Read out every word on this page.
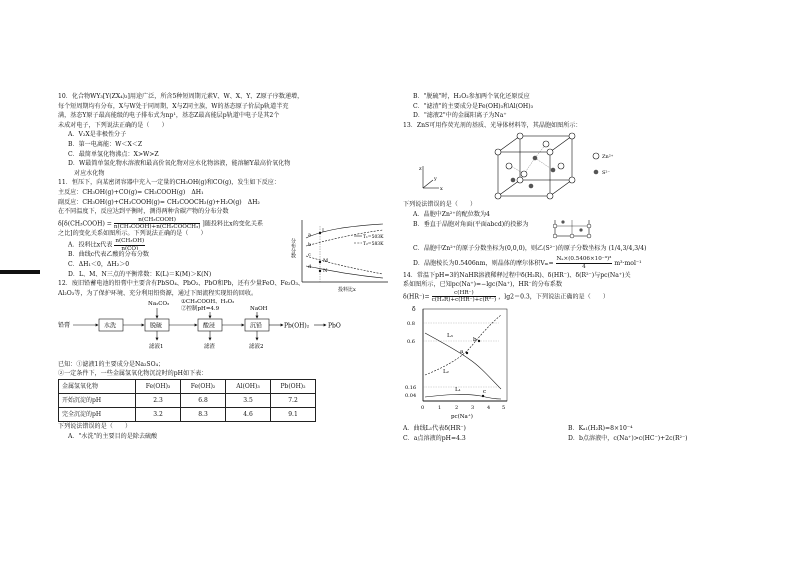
10．化合物WY₃[Y(ZX₄)₃]用途广泛，所含5种短周期元素V、W、X、Y、Z原子序数递增，
每个短周期均有分布，X与W处于同周期，X与Z同主族，W的基态原子价层p轨道半充
满，基态Y原子最高能级的电子排布式为np¹，基态Z最高能层p轨道中电子是其2个
未成对电子，下列说法正确的是（　　）
A．V₂X是非极性分子
B．第一电离能：W＜X＜Z
C．最简单氢化物沸点：X>W>Z
D．W最简单氢化物水溶液和最高价氧化物对应水化物溶液，能溶解Y最高价氧化物
对应水化物
11．恒压下，向某密闭容器中充入一定量的CH₃OH(g)和CO(g)，发生如下反应：
主反应：CH₃OH(g)+CO(g)= CH₃COOH(g)　ΔH₁
副反应：CH₃OH(g)+CH₃COOH(g)= CH₃COOCH₃(g)+H₂O(g)　ΔH₂
在不同温度下，反应达到平衡时，测得两种含碳产物的分布分数
δ[δ(CH₃COOH) = $\frac{\text{n(CH₃COOH)}}{\text{n(CH₃COOH)+n(CH₃COOCH₃)}}$ ]随投料比x的变化关系
之比]的变化关系如图所示。下列说法正确的是（　　）
A．投料比x代表 $\frac{\text{n(CH₃OH)}}{n(CO)}$
B．曲线c代表乙酸的分布分数
C．ΔH₁＜0，ΔH₂＞0
D．L、M、N三点的平衡常数：K(L)＝K(M)＞K(N)
分布分数
投料比x
a
b
c
d
L
M
N
T₁=503K
T₂=583K
12．废旧铅蓄电池的铅膏中主要含有PbSO₄、PbO₂、PbO和Pb，还有少量FeO、Fe₂O₃、
Al₂O₃等，为了保护环境、充分利用铅资源，通过下图流程实现铅的回收。
Na₂CO₃ ①CH₃COOH、H₂O₂
②控制pH=4.9	NaOH
铅膏	水洗	脱硫	酸浸	沉铅	Pb(OH)₂	PbO
滤液1	滤渣	滤液2
已知：①滤液1的主要成分是Na₂SO₄；
②一定条件下，一些金属氢氧化物沉淀时的pH如下表：
金属氢氧化物	Fe(OH)₃	Fe(OH)₂	Al(OH)₃	Pb(OH)₂
开始沉淀的pH	2.3	6.8	3.5	7.2
完全沉淀的pH	3.2	8.3	4.6	9.1
下列说法错误的是（　　）
A．"水洗"的主要目的是除去硫酸
B．"脱硫"时，H₂O₂参加两个氧化还原反应
C．"滤渣"的主要成分是Fe(OH)₃和Al(OH)₃
D．"滤液2"中的金属阳离子为Na⁺
13．ZnS可用作荧光剂的基质、光导体材料等，其晶胞如图所示：
z
y
x
Zn²⁺
S²⁻
下列说法错误的是（　　）
A．晶胞中Zn²⁺的配位数为4
B．垂直于晶胞对角面(平面abcd)的投影为
C．晶胞中Zn²⁺的原子分数坐标为(0,0,0)，则乙(S²⁻)的原子分数坐标为 (1/4,3/4,3/4)
D．晶胞棱长为0.5406nm，则晶体的摩尔体积$V_m= \frac{\text{Nₐ×(0.5406×10⁻⁹)³}}{4} m^3\cdot mol^{-1}$
14．常温下pH=3的NaHR溶液稀释过程中δ(H₂R)、δ(HR⁻)、δ(R²⁻)与pc(Na⁺)关
系如图所示，已知pc(Na⁺)=−lgc(Na⁺)，HR⁻的分布系数
$\delta(HR^-)= \frac{c(HR^-)}{\text{c(H₂R)+c(HR⁻)+c(R²⁻)}}$ ，lg2＝0.3，下列说法正确的是（　　）
δ
0.8
0.6
0.16
0.04
0	1	2	3	4 5
pc(Na⁺)
L₃
L₂
L₁
a
b
c
A．曲线L₁代表δ(HR⁻)	B．Kₐ₁(H₂R)=8×10⁻⁴
C．a点溶液的pH=4.3	D．b点溶液中，c(Na⁺)>c(HC⁻)+2c(R²⁻)
